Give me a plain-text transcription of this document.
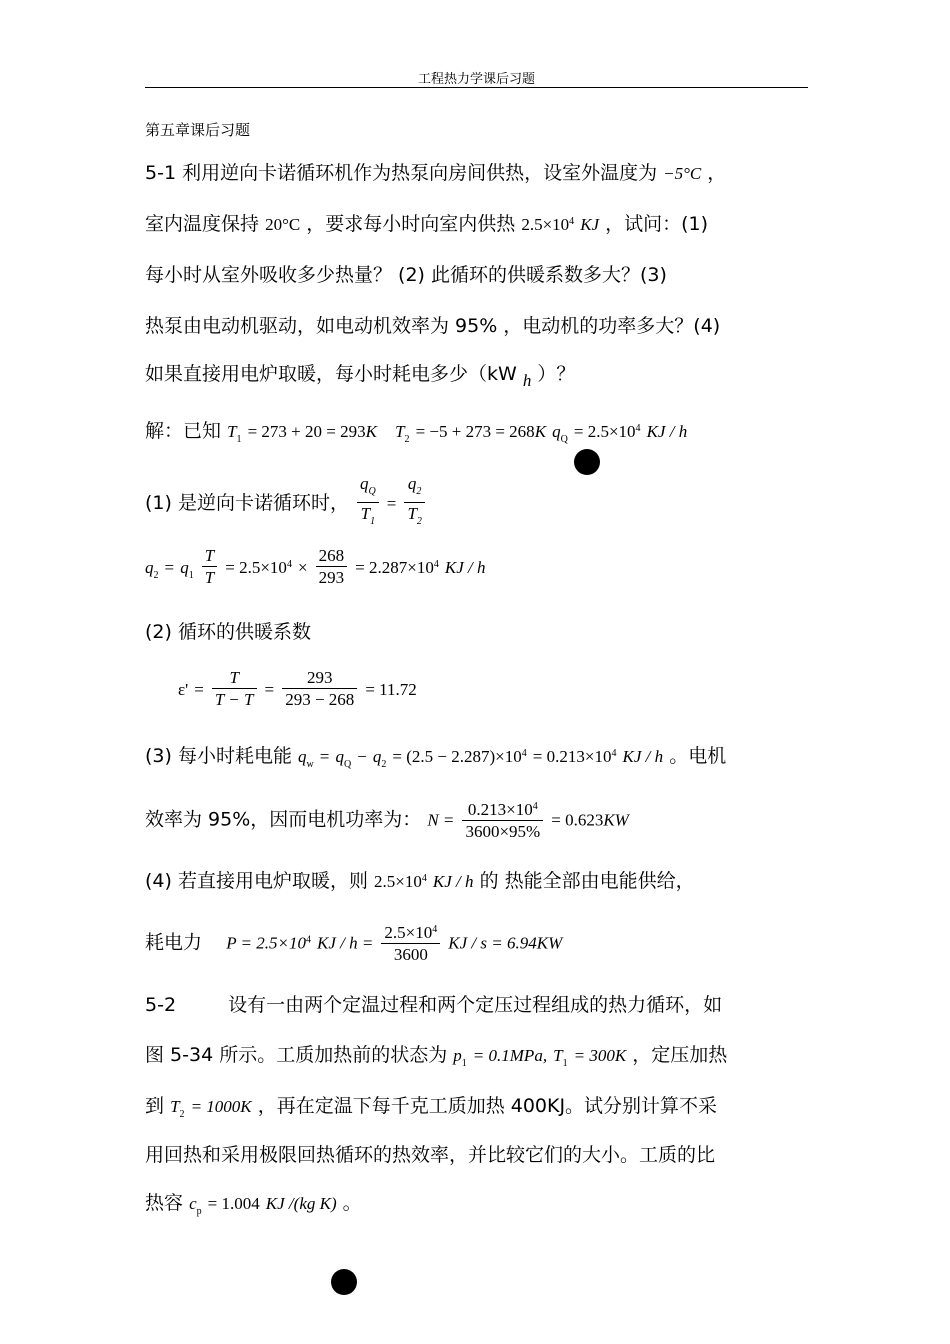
工程热力学课后习题
第五章课后习题
5-1 利用逆向卡诺循环机作为热泵向房间供热，设室外温度为 −5°C ，
室内温度保持 20°C ，要求每小时向室内供热 $2.5\times 10^4$ KJ ，试问：(1)
每小时从室外吸收多少热量？ (2) 此循环的供暖系数多大？(3)
热泵由电动机驱动，如电动机效率为 95% ，电动机的功率多大？(4)
如果直接用电炉取暖，每小时耗电多少（kW h ）？
解：已知 $T_1 = 273 + 20 = 293K$ $T_2 = -5 + 273 = 268K$ $q_Q = 2.5\times 10^4$ KJ / h
(1) 是逆向卡诺循环时， $\frac{q_Q}{T_1} = \frac{q_2}{T_2}$
$q_2 = q_1 \frac{T}{T} = 2.5\times 10^4 \times \frac{268}{293} = 2.287\times 10^4$ KJ / h
(2) 循环的供暖系数
$\varepsilon' = \frac{T}{T - T} = \frac{293}{293 - 268} = 11.72$
(3) 每小时耗电能 $q_w = q_Q - q_2 = (2.5 - 2.287)\times 10^4 = 0.213\times 10^4$ KJ / h 。电机
效率为 95%，因而电机功率为： $N = \frac{0.213\times 10^4}{3600\times 95\%} = 0.623KW$
(4) 若直接用电炉取暖，则 $2.5\times 10^4$ KJ / h 的 热能全部由电能供给，
耗电力 $P = 2.5\times 10^4$ KJ / $h = \frac{2.5\times 10^4}{3600}$ KJ / s = 6.94KW
5-2	设有一由两个定温过程和两个定压过程组成的热力循环，如
图 5-34 所示。工质加热前的状态为 $p_1 = 0.1MPa$, $T_1 = 300K$ ，定压加热
到 $T_2 = 1000K$ ，再在定温下每千克工质加热 400KJ。试分别计算不采
用回热和采用极限回热循环的热效率，并比较它们的大小。工质的比
热容 $c_p = 1.004$ KJ /(kg K) 。
